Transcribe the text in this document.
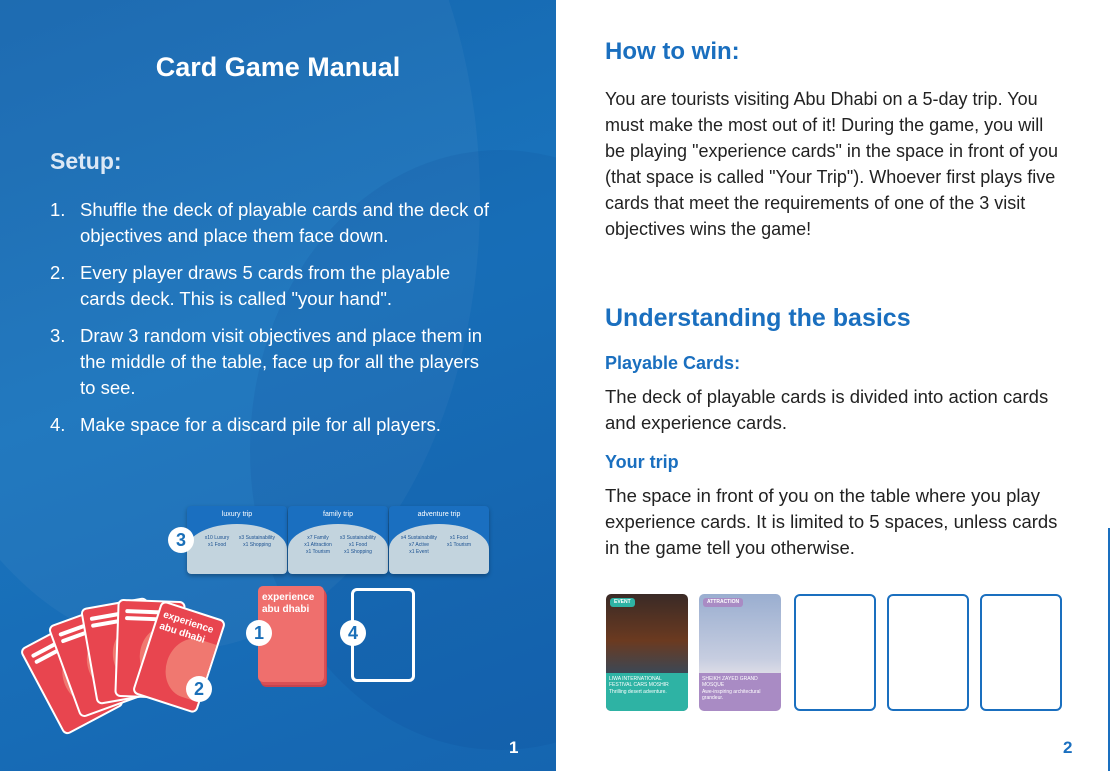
Card Game Manual
Setup:
1. Shuffle the deck of playable cards and the deck of objectives and place them face down.
2. Every player draws 5 cards from the playable cards deck. This is called "your hand".
3. Draw 3 random visit objectives and place them in the middle of the table, face up for all the players to see.
4. Make space for a discard pile for all players.
luxury trip
x10 Luxury	x3 Sustainability
x1 Food	x1 Shopping
family trip
x7 Family	x3 Sustainability
x1 Attraction	x1 Food
x1 Tourism	x1 Shopping
adventure trip
x4 Sustainability	x1 Food
x7 Active	x1 Tourism
x1 Event
experience abu dhabi
experience abu dhabi
1
2
3
4
1
How to win:
You are tourists visiting Abu Dhabi on a 5-day trip. You must make the most out of it! During the game, you will be playing "experience cards" in the space in front of you (that space is called "Your Trip"). Whoever first plays five cards that meet the requirements of one of the 3 visit objectives wins the game!
Understanding the basics
Playable Cards:
The deck of playable cards is divided into action cards and experience cards.
Your trip
The space in front of you on the table where you play experience cards. It is limited to 5 spaces, unless cards in the game tell you otherwise.
EVENT
LIWA INTERNATIONAL FESTIVAL CARS MOSHIR
Thrilling desert adventure.
ATTRACTION
SHEIKH ZAYED GRAND MOSQUE
Awe-inspiring architectural grandeur.
2
